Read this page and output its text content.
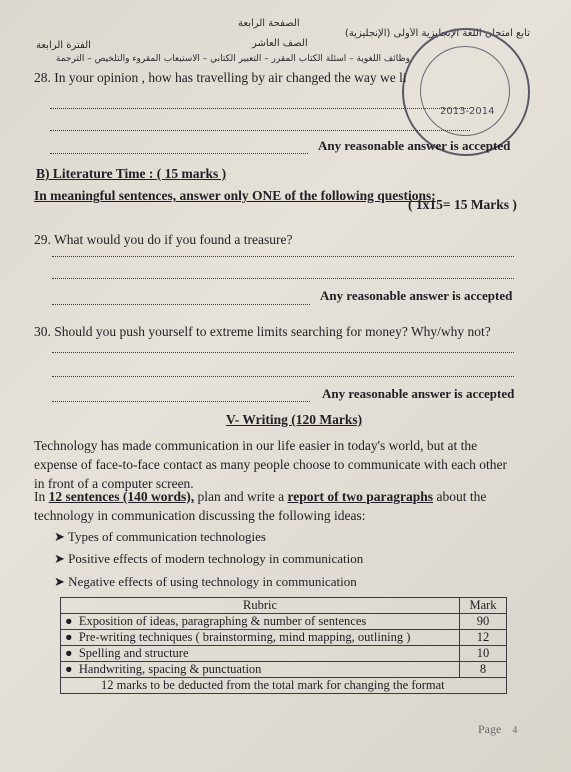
الصفحة الرابعة
تابع امتحان اللغة الإنجليزية الأولى (الإنجليزية)
الصف العاشر
الفترة الرابعة
وظائف اللغوية – أسئلة الكتاب المقرر – التعبير الكتابي – الاستيعاب المقروء والتلخيص – الترجمة
2013-2014
28. In your opinion , how has travelling by air changed the way we li
Any reasonable answer is accepted
B) Literature Time : ( 15 marks )
In meaningful sentences, answer only ONE of the following questions:
( 1x15= 15 Marks )
29. What would you do if you found a treasure?
Any reasonable answer is accepted
30. Should you push yourself to extreme limits searching for money? Why/why not?
Any reasonable answer is accepted
V- Writing (120 Marks)
Technology has made communication in our life easier in today's world, but at the expense of face-to-face contact as many people choose to communicate with each other in front of a computer screen.
In 12 sentences (140 words), plan and write a report of two paragraphs about the
technology in communication discussing the following ideas:
➤ Types of communication technologies
➤ Positive effects of modern technology in communication
➤ Negative effects of using technology in communication
Rubric	Mark
● Exposition of ideas, paragraphing & number of sentences	90
● Pre-writing techniques ( brainstorming, mind mapping, outlining )	12
● Spelling and structure	10
● Handwriting, spacing & punctuation	8
12 marks to be deducted from the total mark for changing the format	
Page 4
